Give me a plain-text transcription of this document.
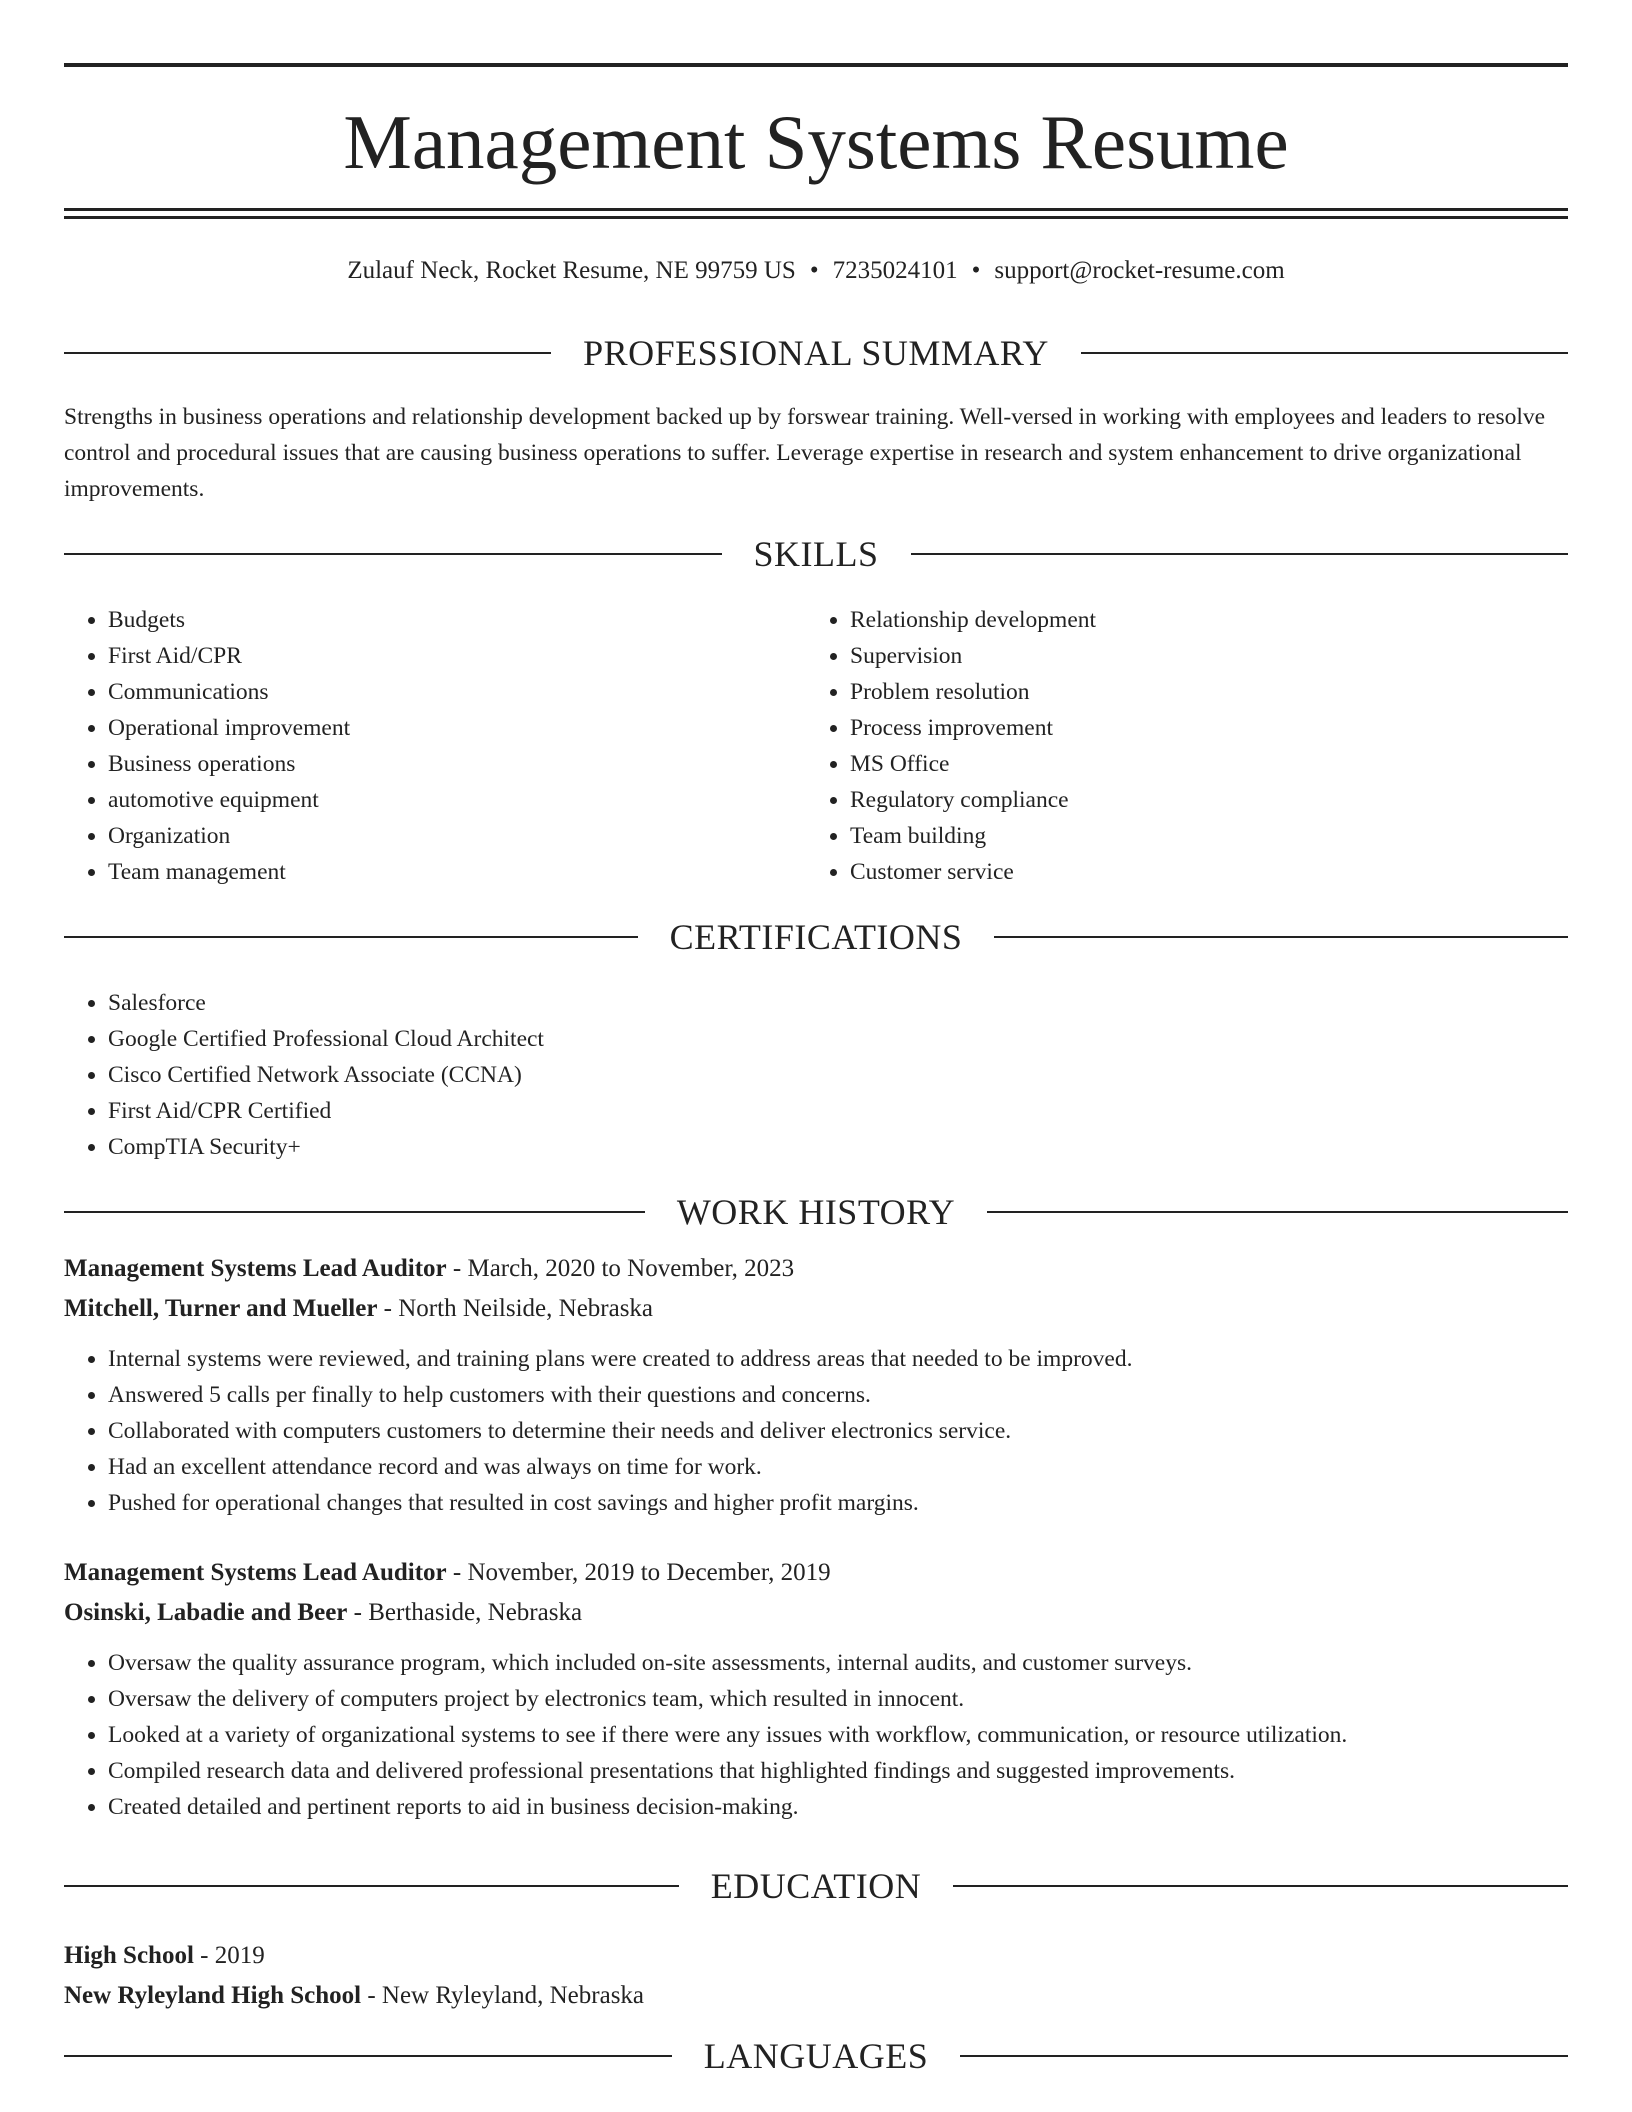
Management Systems Resume
Zulauf Neck, Rocket Resume, NE 99759 US • 7235024101 • support@rocket-resume.com
PROFESSIONAL SUMMARY

Strengths in business operations and relationship development backed up by forswear training. Well-versed in working with employees and leaders to resolve control and procedural issues that are causing business operations to suffer. Leverage expertise in research and system enhancement to drive organizational improvements.

SKILLS
• Budgets
• First Aid/CPR
• Communications
• Operational improvement
• Business operations
• automotive equipment
• Organization
• Team management
• Relationship development
• Supervision
• Problem resolution
• Process improvement
• MS Office
• Regulatory compliance
• Team building
• Customer service
CERTIFICATIONS
• Salesforce
• Google Certified Professional Cloud Architect
• Cisco Certified Network Associate (CCNA)
• First Aid/CPR Certified
• CompTIA Security+
WORK HISTORY
Management Systems Lead Auditor - March, 2020 to November, 2023
Mitchell, Turner and Mueller - North Neilside, Nebraska
• Internal systems were reviewed, and training plans were created to address areas that needed to be improved.
• Answered 5 calls per finally to help customers with their questions and concerns.
• Collaborated with computers customers to determine their needs and deliver electronics service.
• Had an excellent attendance record and was always on time for work.
• Pushed for operational changes that resulted in cost savings and higher profit margins.
Management Systems Lead Auditor - November, 2019 to December, 2019
Osinski, Labadie and Beer - Berthaside, Nebraska
• Oversaw the quality assurance program, which included on-site assessments, internal audits, and customer surveys.
• Oversaw the delivery of computers project by electronics team, which resulted in innocent.
• Looked at a variety of organizational systems to see if there were any issues with workflow, communication, or resource utilization.
• Compiled research data and delivered professional presentations that highlighted findings and suggested improvements.
• Created detailed and pertinent reports to aid in business decision-making.
EDUCATION
High School - 2019
New Ryleyland High School - New Ryleyland, Nebraska
LANGUAGES
